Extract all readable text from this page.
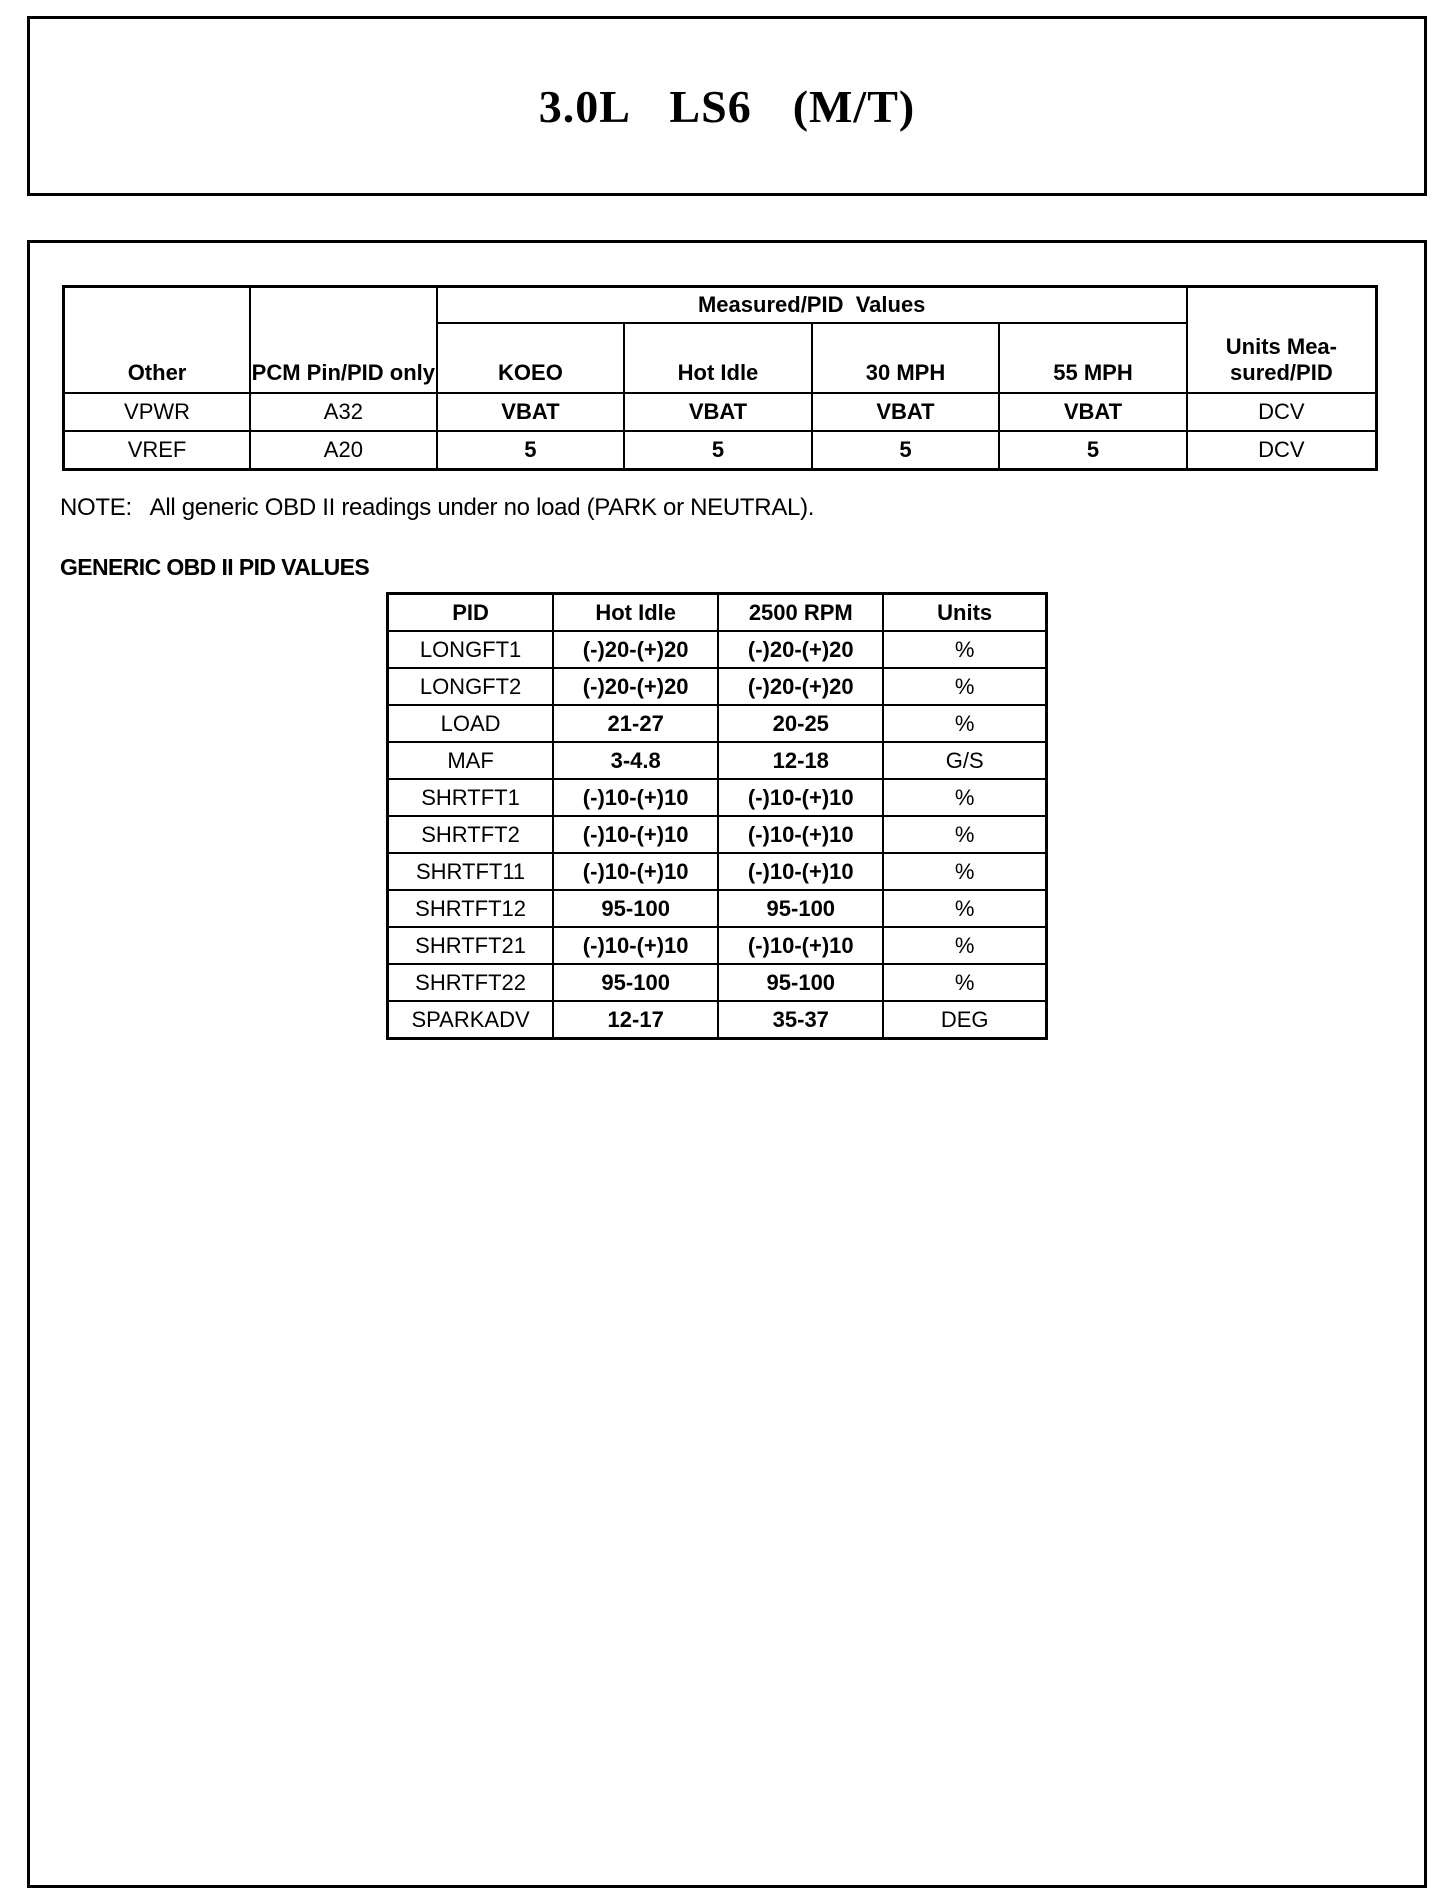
3.0L  LS6  (M/T)
Other	PCM Pin/PID only	Measured/PID  Values				Units Mea-sured/PID
		KOEO	Hot Idle	30 MPH	55 MPH	
VPWR	A32	VBAT	VBAT	VBAT	VBAT	DCV
VREF	A20	5	5	5	5	DCV
NOTE:   All generic OBD II readings under no load (PARK or NEUTRAL).
GENERIC OBD II PID VALUES
PID	Hot Idle	2500 RPM	Units
LONGFT1	(-)20-(+)20	(-)20-(+)20	%
LONGFT2	(-)20-(+)20	(-)20-(+)20	%
LOAD	21-27	20-25	%
MAF	3-4.8	12-18	G/S
SHRTFT1	(-)10-(+)10	(-)10-(+)10	%
SHRTFT2	(-)10-(+)10	(-)10-(+)10	%
SHRTFT11	(-)10-(+)10	(-)10-(+)10	%
SHRTFT12	95-100	95-100	%
SHRTFT21	(-)10-(+)10	(-)10-(+)10	%
SHRTFT22	95-100	95-100	%
SPARKADV	12-17	35-37	DEG
